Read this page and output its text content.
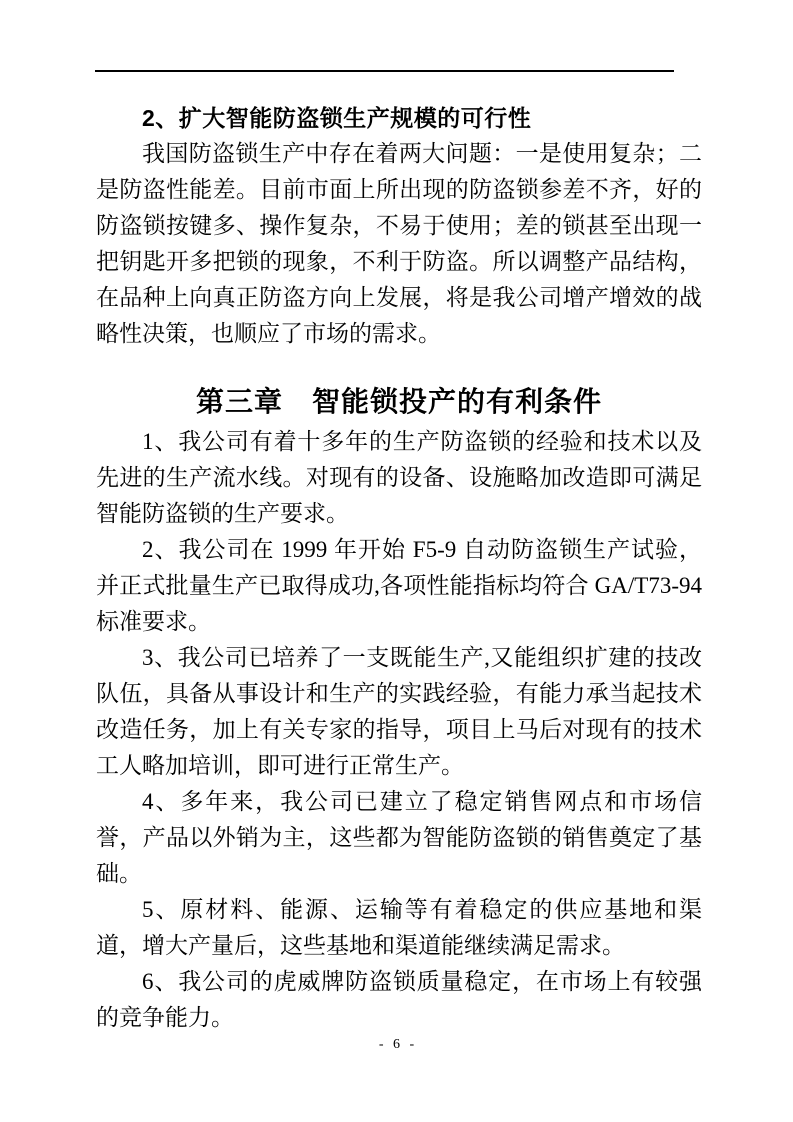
2、扩大智能防盗锁生产规模的可行性

我国防盗锁生产中存在着两大问题：一是使用复杂；二是防盗性能差。目前市面上所出现的防盗锁参差不齐，好的防盗锁按键多、操作复杂，不易于使用；差的锁甚至出现一把钥匙开多把锁的现象，不利于防盗。所以调整产品结构，在品种上向真正防盗方向上发展，将是我公司增产增效的战略性决策，也顺应了市场的需求。

第三章　智能锁投产的有利条件

1、我公司有着十多年的生产防盗锁的经验和技术以及先进的生产流水线。对现有的设备、设施略加改造即可满足智能防盗锁的生产要求。

2、我公司在 1999 年开始 F5-9 自动防盗锁生产试验，并正式批量生产已取得成功,各项性能指标均符合 GA/T73-94 标准要求。

3、我公司已培养了一支既能生产,又能组织扩建的技改队伍，具备从事设计和生产的实践经验，有能力承当起技术改造任务，加上有关专家的指导，项目上马后对现有的技术工人略加培训，即可进行正常生产。

4、多年来，我公司已建立了稳定销售网点和市场信誉，产品以外销为主，这些都为智能防盗锁的销售奠定了基础。

5、原材料、能源、运输等有着稳定的供应基地和渠道，增大产量后，这些基地和渠道能继续满足需求。

6、我公司的虎威牌防盗锁质量稳定，在市场上有较强的竞争能力。

- 6 -
